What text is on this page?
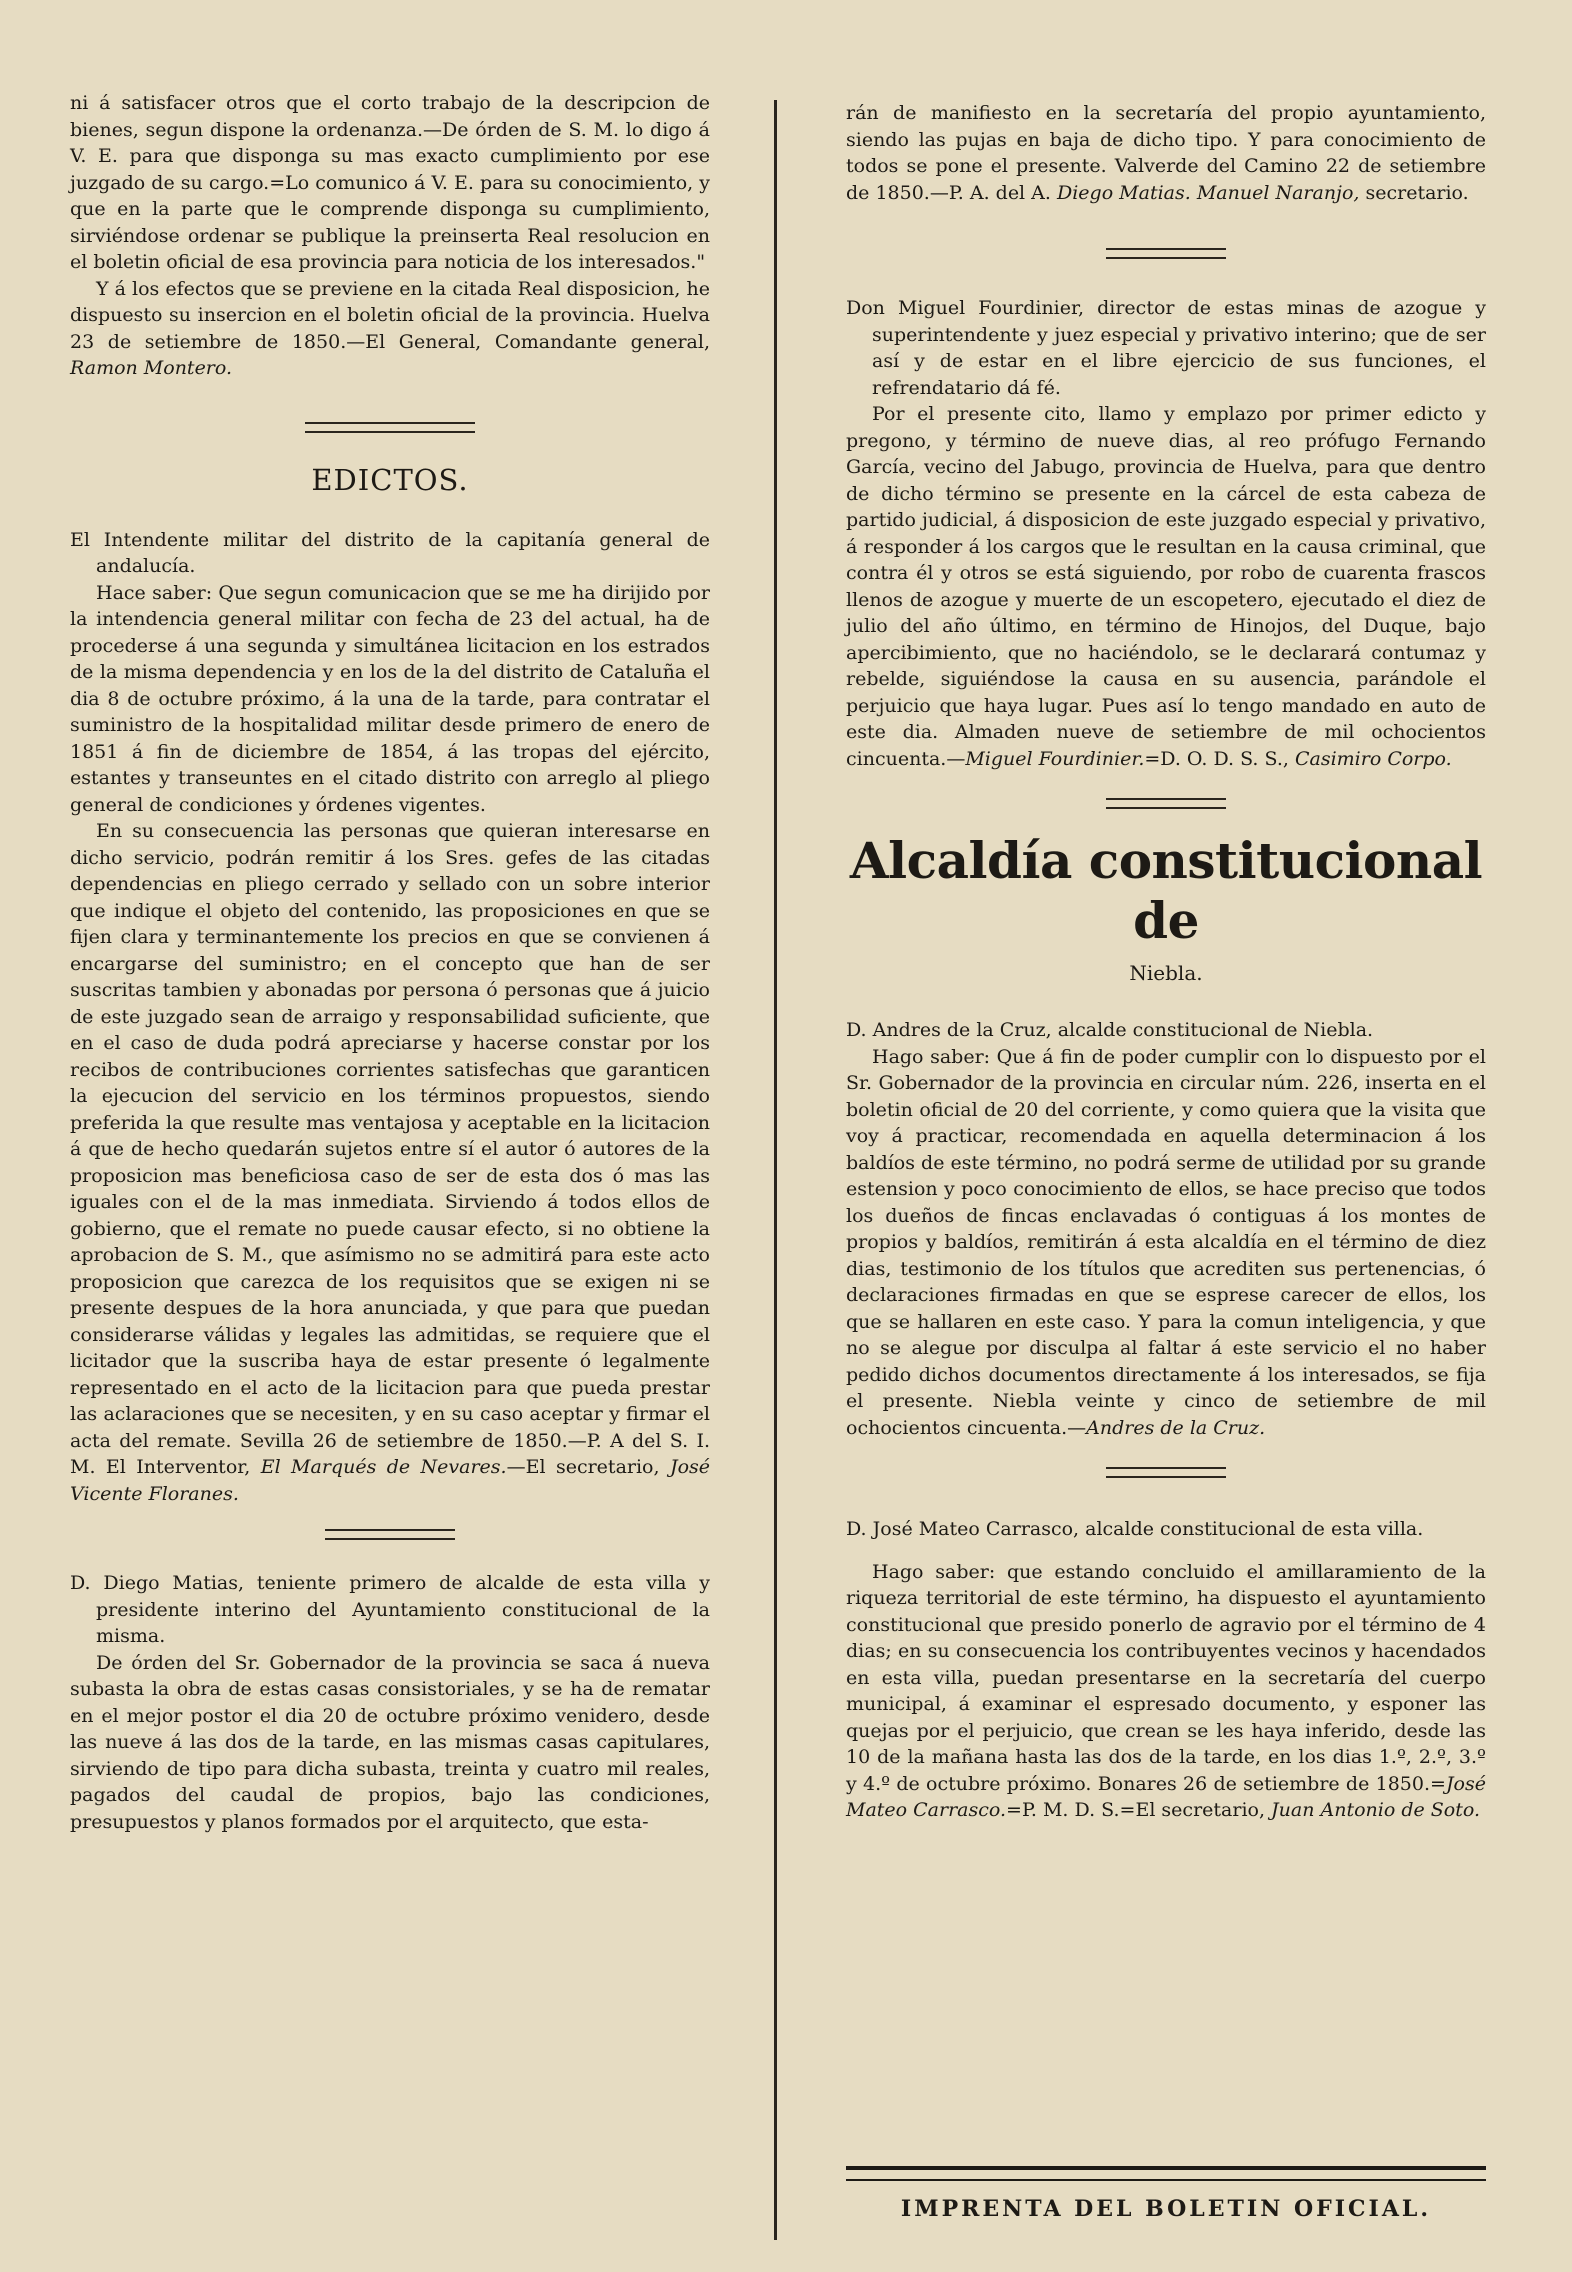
ni á satisfacer otros que el corto trabajo de la descripcion de bienes, segun dispone la ordenanza.—De órden de S. M. lo digo á V. E. para que disponga su mas exacto cumplimiento por ese juzgado de su cargo.=Lo comunico á V. E. para su conocimiento, y que en la parte que le comprende disponga su cumplimiento, sirviéndose ordenar se publique la preinserta Real resolucion en el boletin oficial de esa provincia para noticia de los interesados."

Y á los efectos que se previene en la citada Real disposicion, he dispuesto su insercion en el boletin oficial de la provincia. Huelva 23 de setiembre de 1850.—El General, Comandante general, Ramon Montero.

EDICTOS.

El Intendente militar del distrito de la capitanía general de andalucía.

Hace saber: Que segun comunicacion que se me ha dirijido por la intendencia general militar con fecha de 23 del actual, ha de procederse á una segunda y simultánea licitacion en los estrados de la misma dependencia y en los de la del distrito de Cataluña el dia 8 de octubre próximo, á la una de la tarde, para contratar el suministro de la hospitalidad militar desde primero de enero de 1851 á fin de diciembre de 1854, á las tropas del ejército, estantes y transeuntes en el citado distrito con arreglo al pliego general de condiciones y órdenes vigentes.

En su consecuencia las personas que quieran interesarse en dicho servicio, podrán remitir á los Sres. gefes de las citadas dependencias en pliego cerrado y sellado con un sobre interior que indique el objeto del contenido, las proposiciones en que se fijen clara y terminantemente los precios en que se convienen á encargarse del suministro; en el concepto que han de ser suscritas tambien y abonadas por persona ó personas que á juicio de este juzgado sean de arraigo y responsabilidad suficiente, que en el caso de duda podrá apreciarse y hacerse constar por los recibos de contribuciones corrientes satisfechas que garanticen la ejecucion del servicio en los términos propuestos, siendo preferida la que resulte mas ventajosa y aceptable en la licitacion á que de hecho quedarán sujetos entre sí el autor ó autores de la proposicion mas beneficiosa caso de ser de esta dos ó mas las iguales con el de la mas inmediata. Sirviendo á todos ellos de gobierno, que el remate no puede causar efecto, si no obtiene la aprobacion de S. M., que asímismo no se admitirá para este acto proposicion que carezca de los requisitos que se exigen ni se presente despues de la hora anunciada, y que para que puedan considerarse válidas y legales las admitidas, se requiere que el licitador que la suscriba haya de estar presente ó legalmente representado en el acto de la licitacion para que pueda prestar las aclaraciones que se necesiten, y en su caso aceptar y firmar el acta del remate. Sevilla 26 de setiembre de 1850.—P. A del S. I. M. El Interventor, El Marqués de Nevares.—El secretario, José Vicente Floranes.

D. Diego Matias, teniente primero de alcalde de esta villa y presidente interino del Ayuntamiento constitucional de la misma.

De órden del Sr. Gobernador de la provincia se saca á nueva subasta la obra de estas casas consistoriales, y se ha de rematar en el mejor postor el dia 20 de octubre próximo venidero, desde las nueve á las dos de la tarde, en las mismas casas capitulares, sirviendo de tipo para dicha subasta, treinta y cuatro mil reales, pagados del caudal de propios, bajo las condiciones, presupuestos y planos formados por el arquitecto, que esta-

rán de manifiesto en la secretaría del propio ayuntamiento, siendo las pujas en baja de dicho tipo. Y para conocimiento de todos se pone el presente. Valverde del Camino 22 de setiembre de 1850.—P. A. del A. Diego Matias. Manuel Naranjo, secretario.

Don Miguel Fourdinier, director de estas minas de azogue y superintendente y juez especial y privativo interino; que de ser así y de estar en el libre ejercicio de sus funciones, el refrendatario dá fé.

Por el presente cito, llamo y emplazo por primer edicto y pregono, y término de nueve dias, al reo prófugo Fernando García, vecino del Jabugo, provincia de Huelva, para que dentro de dicho término se presente en la cárcel de esta cabeza de partido judicial, á disposicion de este juzgado especial y privativo, á responder á los cargos que le resultan en la causa criminal, que contra él y otros se está siguiendo, por robo de cuarenta frascos llenos de azogue y muerte de un escopetero, ejecutado el diez de julio del año último, en término de Hinojos, del Duque, bajo apercibimiento, que no haciéndolo, se le declarará contumaz y rebelde, siguiéndose la causa en su ausencia, parándole el perjuicio que haya lugar. Pues así lo tengo mandado en auto de este dia. Almaden nueve de setiembre de mil ochocientos cincuenta.—Miguel Fourdinier.=D. O. D. S. S., Casimiro Corpo.

Alcaldía constitucional de
Niebla.

D. Andres de la Cruz, alcalde constitucional de Niebla.

Hago saber: Que á fin de poder cumplir con lo dispuesto por el Sr. Gobernador de la provincia en circular núm. 226, inserta en el boletin oficial de 20 del corriente, y como quiera que la visita que voy á practicar, recomendada en aquella determinacion á los baldíos de este término, no podrá serme de utilidad por su grande estension y poco conocimiento de ellos, se hace preciso que todos los dueños de fincas enclavadas ó contiguas á los montes de propios y baldíos, remitirán á esta alcaldía en el término de diez dias, testimonio de los títulos que acrediten sus pertenencias, ó declaraciones firmadas en que se esprese carecer de ellos, los que se hallaren en este caso. Y para la comun inteligencia, y que no se alegue por disculpa al faltar á este servicio el no haber pedido dichos documentos directamente á los interesados, se fija el presente. Niebla veinte y cinco de setiembre de mil ochocientos cincuenta.—Andres de la Cruz.

D. José Mateo Carrasco, alcalde constitucional de esta villa.

Hago saber: que estando concluido el amillaramiento de la riqueza territorial de este término, ha dispuesto el ayuntamiento constitucional que presido ponerlo de agravio por el término de 4 dias; en su consecuencia los contribuyentes vecinos y hacendados en esta villa, puedan presentarse en la secretaría del cuerpo municipal, á examinar el espresado documento, y esponer las quejas por el perjuicio, que crean se les haya inferido, desde las 10 de la mañana hasta las dos de la tarde, en los dias 1.º, 2.º, 3.º y 4.º de octubre próximo. Bonares 26 de setiembre de 1850.=José Mateo Carrasco.=P. M. D. S.=El secretario, Juan Antonio de Soto.

IMPRENTA DEL BOLETIN OFICIAL.
